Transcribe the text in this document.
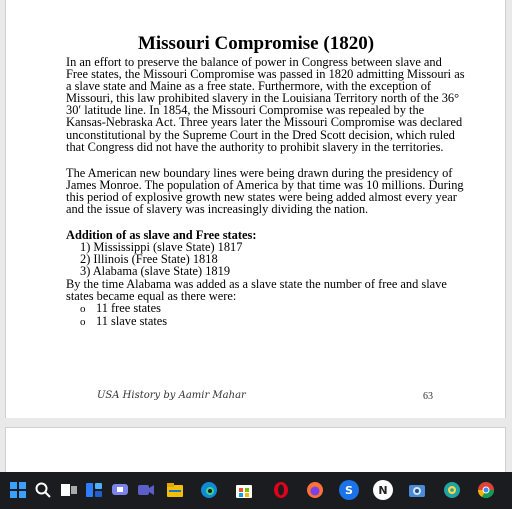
Missouri Compromise (1820)

In an effort to preserve the balance of power in Congress between slave and Free states, the Missouri Compromise was passed in 1820 admitting Missouri as a slave state and Maine as a free state. Furthermore, with the exception of Missouri, this law prohibited slavery in the Louisiana Territory north of the 36° 30′ latitude line. In 1854, the Missouri Compromise was repealed by the Kansas-Nebraska Act. Three years later the Missouri Compromise was declared unconstitutional by the Supreme Court in the Dred Scott decision, which ruled that Congress did not have the authority to prohibit slavery in the territories.

The American new boundary lines were being drawn during the presidency of James Monroe. The population of America by that time was 10 millions. During this period of explosive growth new states were being added almost every year and the issue of slavery was increasingly dividing the nation.

Addition of as slave and Free states:

1) Mississippi (slave State) 1817
2) Illinois (Free State) 1818
3) Alabama (slave State) 1819

By the time Alabama was added as a slave state the number of free and slave states became equal as there were:

o 11 free states
o 11 slave states
USA History by Aamir Mahar	63
S	N
